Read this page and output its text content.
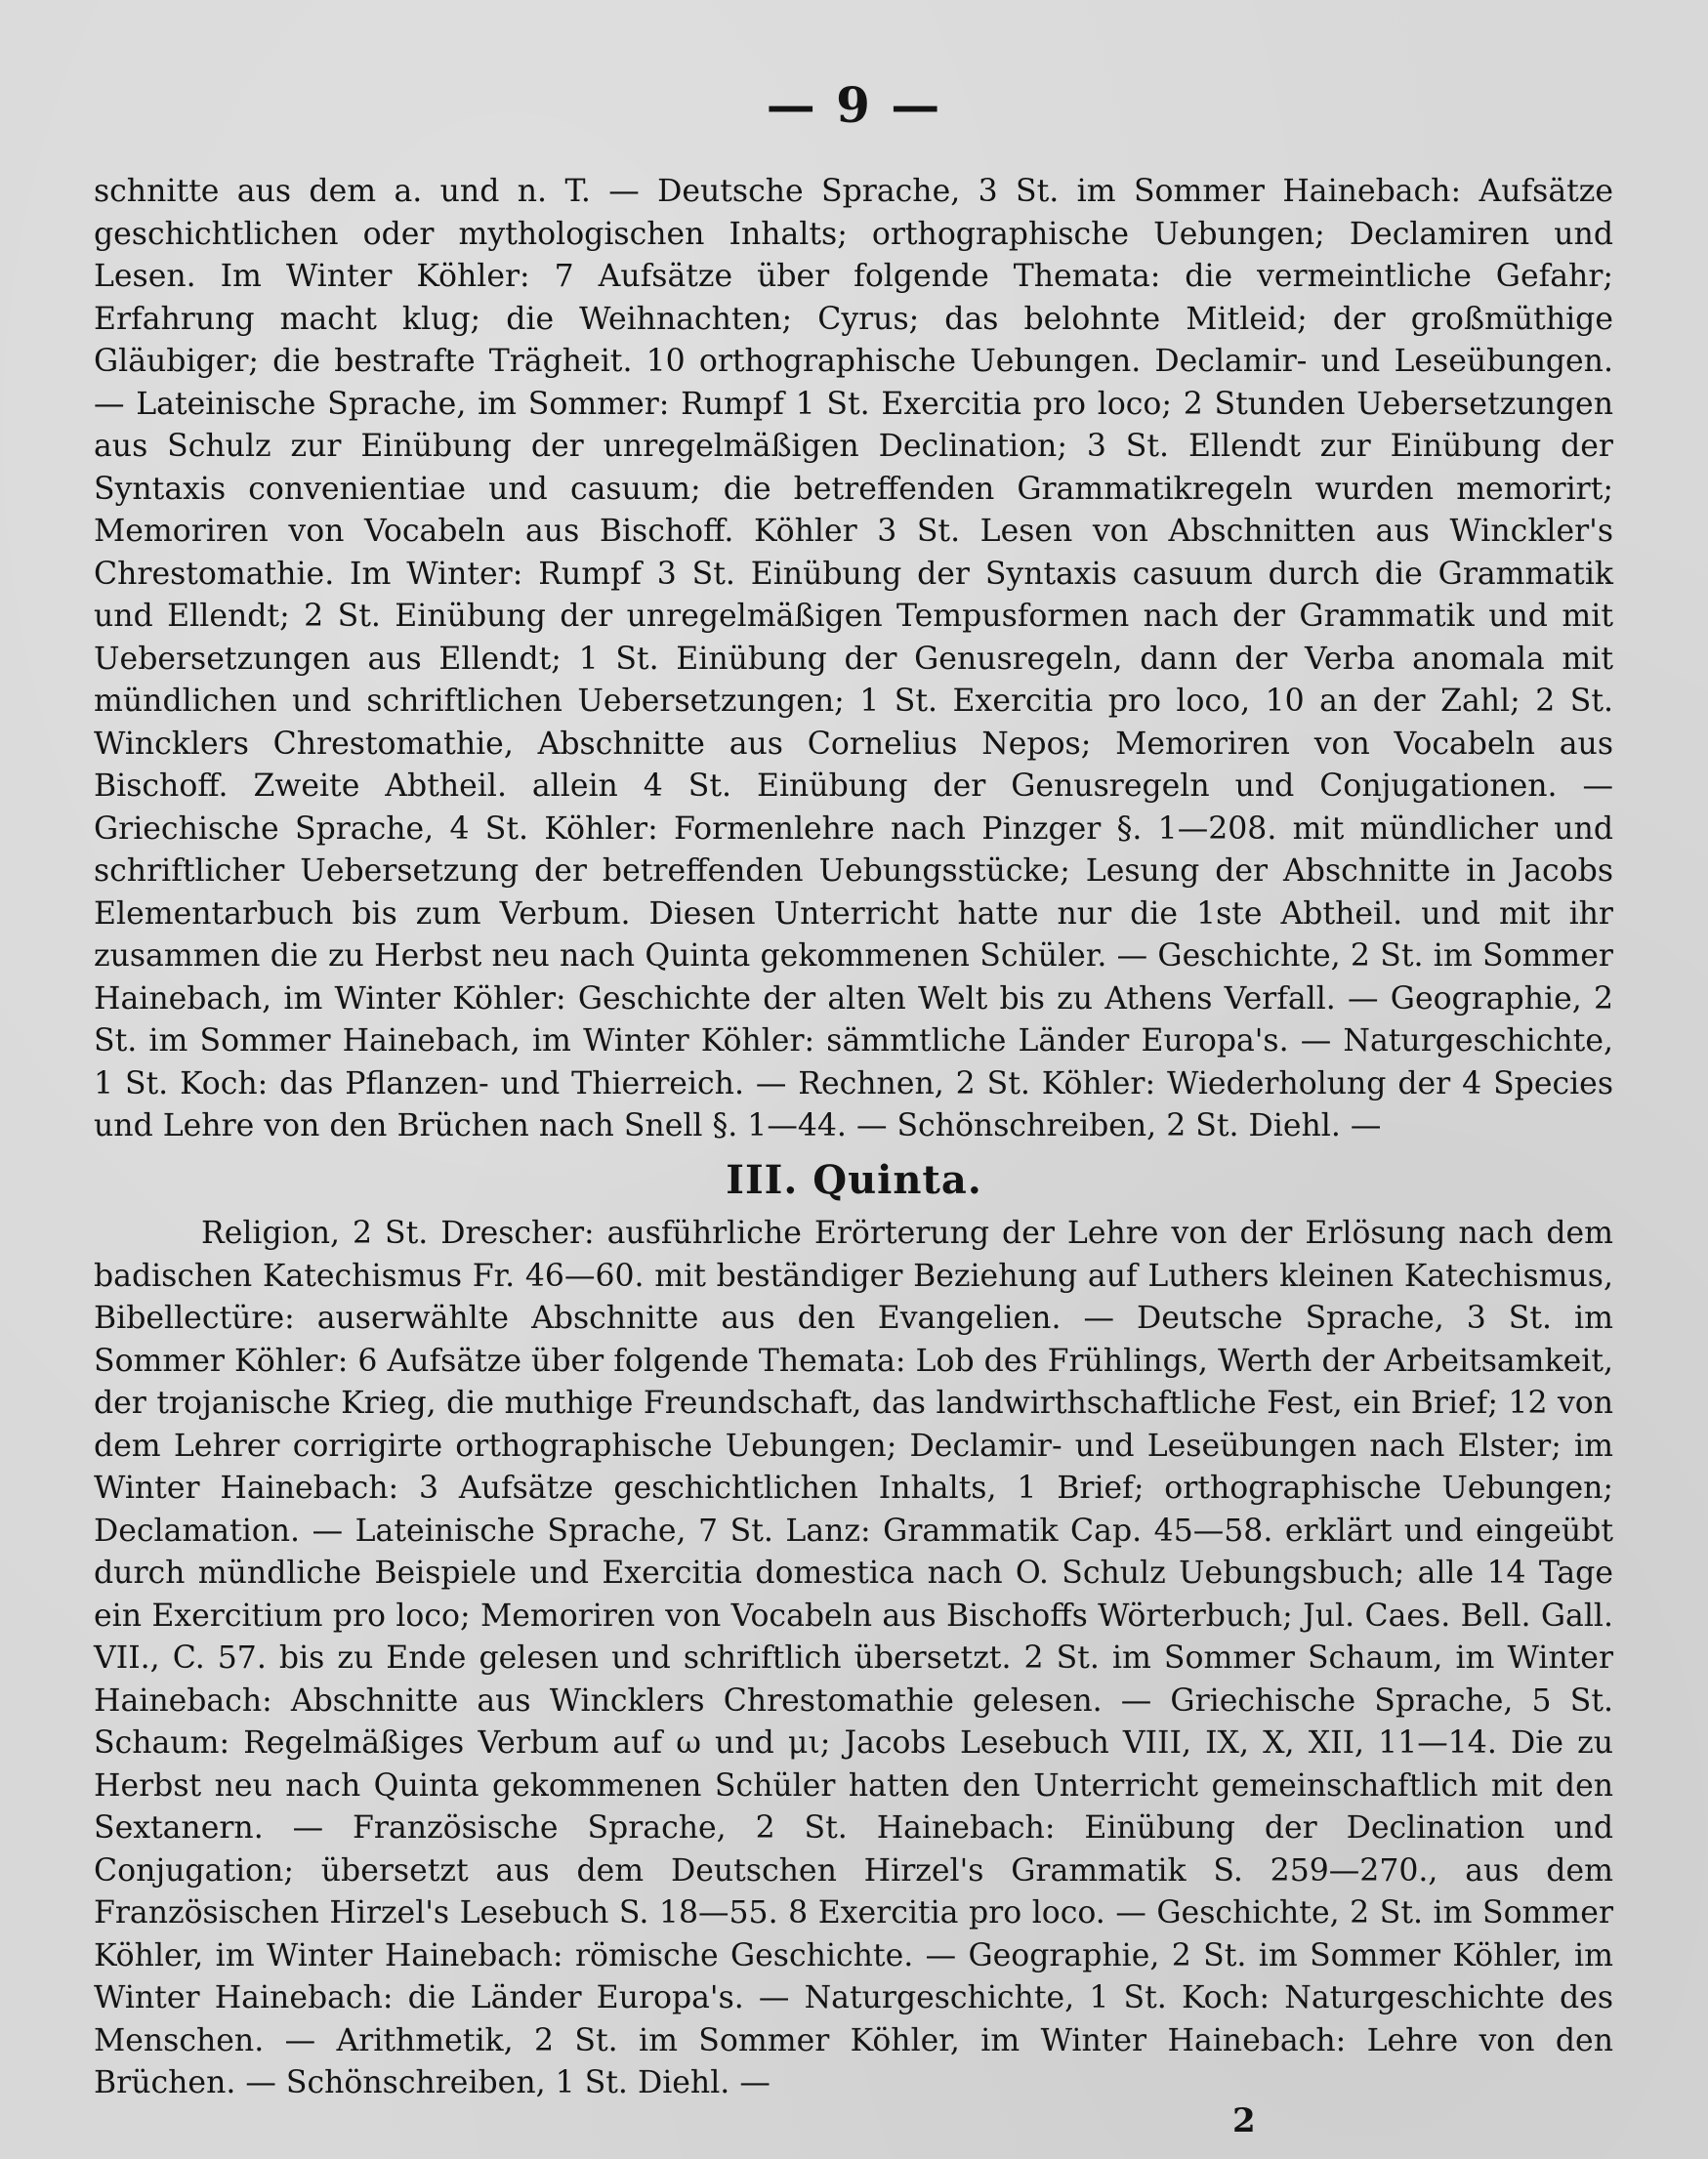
— 9 —

schnitte aus dem a. und n. T. — Deutsche Sprache, 3 St. im Sommer Hainebach: Aufsätze geschichtlichen oder mythologischen Inhalts; orthographische Uebungen; Declamiren und Lesen. Im Winter Köhler: 7 Aufsätze über folgende Themata: die vermeintliche Gefahr; Erfahrung macht klug; die Weihnachten; Cyrus; das belohnte Mitleid; der großmüthige Gläubiger; die bestrafte Trägheit. 10 orthographische Uebungen. Declamir- und Leseübungen. — Lateinische Sprache, im Sommer: Rumpf 1 St. Exercitia pro loco; 2 Stunden Uebersetzungen aus Schulz zur Einübung der unregelmäßigen Declination; 3 St. Ellendt zur Einübung der Syntaxis convenientiae und casuum; die betreffenden Grammatikregeln wurden memorirt; Memoriren von Vocabeln aus Bischoff. Köhler 3 St. Lesen von Abschnitten aus Winckler's Chrestomathie. Im Winter: Rumpf 3 St. Einübung der Syntaxis casuum durch die Grammatik und Ellendt; 2 St. Einübung der unregelmäßigen Tempusformen nach der Grammatik und mit Uebersetzungen aus Ellendt; 1 St. Einübung der Genusregeln, dann der Verba anomala mit mündlichen und schriftlichen Uebersetzungen; 1 St. Exercitia pro loco, 10 an der Zahl; 2 St. Wincklers Chrestomathie, Abschnitte aus Cornelius Nepos; Memoriren von Vocabeln aus Bischoff. Zweite Abtheil. allein 4 St. Einübung der Genusregeln und Conjugationen. — Griechische Sprache, 4 St. Köhler: Formenlehre nach Pinzger §. 1—208. mit mündlicher und schriftlicher Uebersetzung der betreffenden Uebungsstücke; Lesung der Abschnitte in Jacobs Elementarbuch bis zum Verbum. Diesen Unterricht hatte nur die 1ste Abtheil. und mit ihr zusammen die zu Herbst neu nach Quinta gekommenen Schüler. — Geschichte, 2 St. im Sommer Hainebach, im Winter Köhler: Geschichte der alten Welt bis zu Athens Verfall. — Geographie, 2 St. im Sommer Hainebach, im Winter Köhler: sämmtliche Länder Europa's. — Naturgeschichte, 1 St. Koch: das Pflanzen- und Thierreich. — Rechnen, 2 St. Köhler: Wiederholung der 4 Species und Lehre von den Brüchen nach Snell §. 1—44. — Schönschreiben, 2 St. Diehl. —

III. Quinta.

Religion, 2 St. Drescher: ausführliche Erörterung der Lehre von der Erlösung nach dem badischen Katechismus Fr. 46—60. mit beständiger Beziehung auf Luthers kleinen Katechismus, Bibellectüre: auserwählte Abschnitte aus den Evangelien. — Deutsche Sprache, 3 St. im Sommer Köhler: 6 Aufsätze über folgende Themata: Lob des Frühlings, Werth der Arbeitsamkeit, der trojanische Krieg, die muthige Freundschaft, das landwirthschaftliche Fest, ein Brief; 12 von dem Lehrer corrigirte orthographische Uebungen; Declamir- und Leseübungen nach Elster; im Winter Hainebach: 3 Aufsätze geschichtlichen Inhalts, 1 Brief; orthographische Uebungen; Declamation. — Lateinische Sprache, 7 St. Lanz: Grammatik Cap. 45—58. erklärt und eingeübt durch mündliche Beispiele und Exercitia domestica nach O. Schulz Uebungsbuch; alle 14 Tage ein Exercitium pro loco; Memoriren von Vocabeln aus Bischoffs Wörterbuch; Jul. Caes. Bell. Gall. VII., C. 57. bis zu Ende gelesen und schriftlich übersetzt. 2 St. im Sommer Schaum, im Winter Hainebach: Abschnitte aus Wincklers Chrestomathie gelesen. — Griechische Sprache, 5 St. Schaum: Regelmäßiges Verbum auf ω und μι; Jacobs Lesebuch VIII, IX, X, XII, 11—14. Die zu Herbst neu nach Quinta gekommenen Schüler hatten den Unterricht gemeinschaftlich mit den Sextanern. — Französische Sprache, 2 St. Hainebach: Einübung der Declination und Conjugation; übersetzt aus dem Deutschen Hirzel's Grammatik S. 259—270., aus dem Französischen Hirzel's Lesebuch S. 18—55. 8 Exercitia pro loco. — Geschichte, 2 St. im Sommer Köhler, im Winter Hainebach: römische Geschichte. — Geographie, 2 St. im Sommer Köhler, im Winter Hainebach: die Länder Europa's. — Naturgeschichte, 1 St. Koch: Naturgeschichte des Menschen. — Arithmetik, 2 St. im Sommer Köhler, im Winter Hainebach: Lehre von den Brüchen. — Schönschreiben, 1 St. Diehl. —

2
